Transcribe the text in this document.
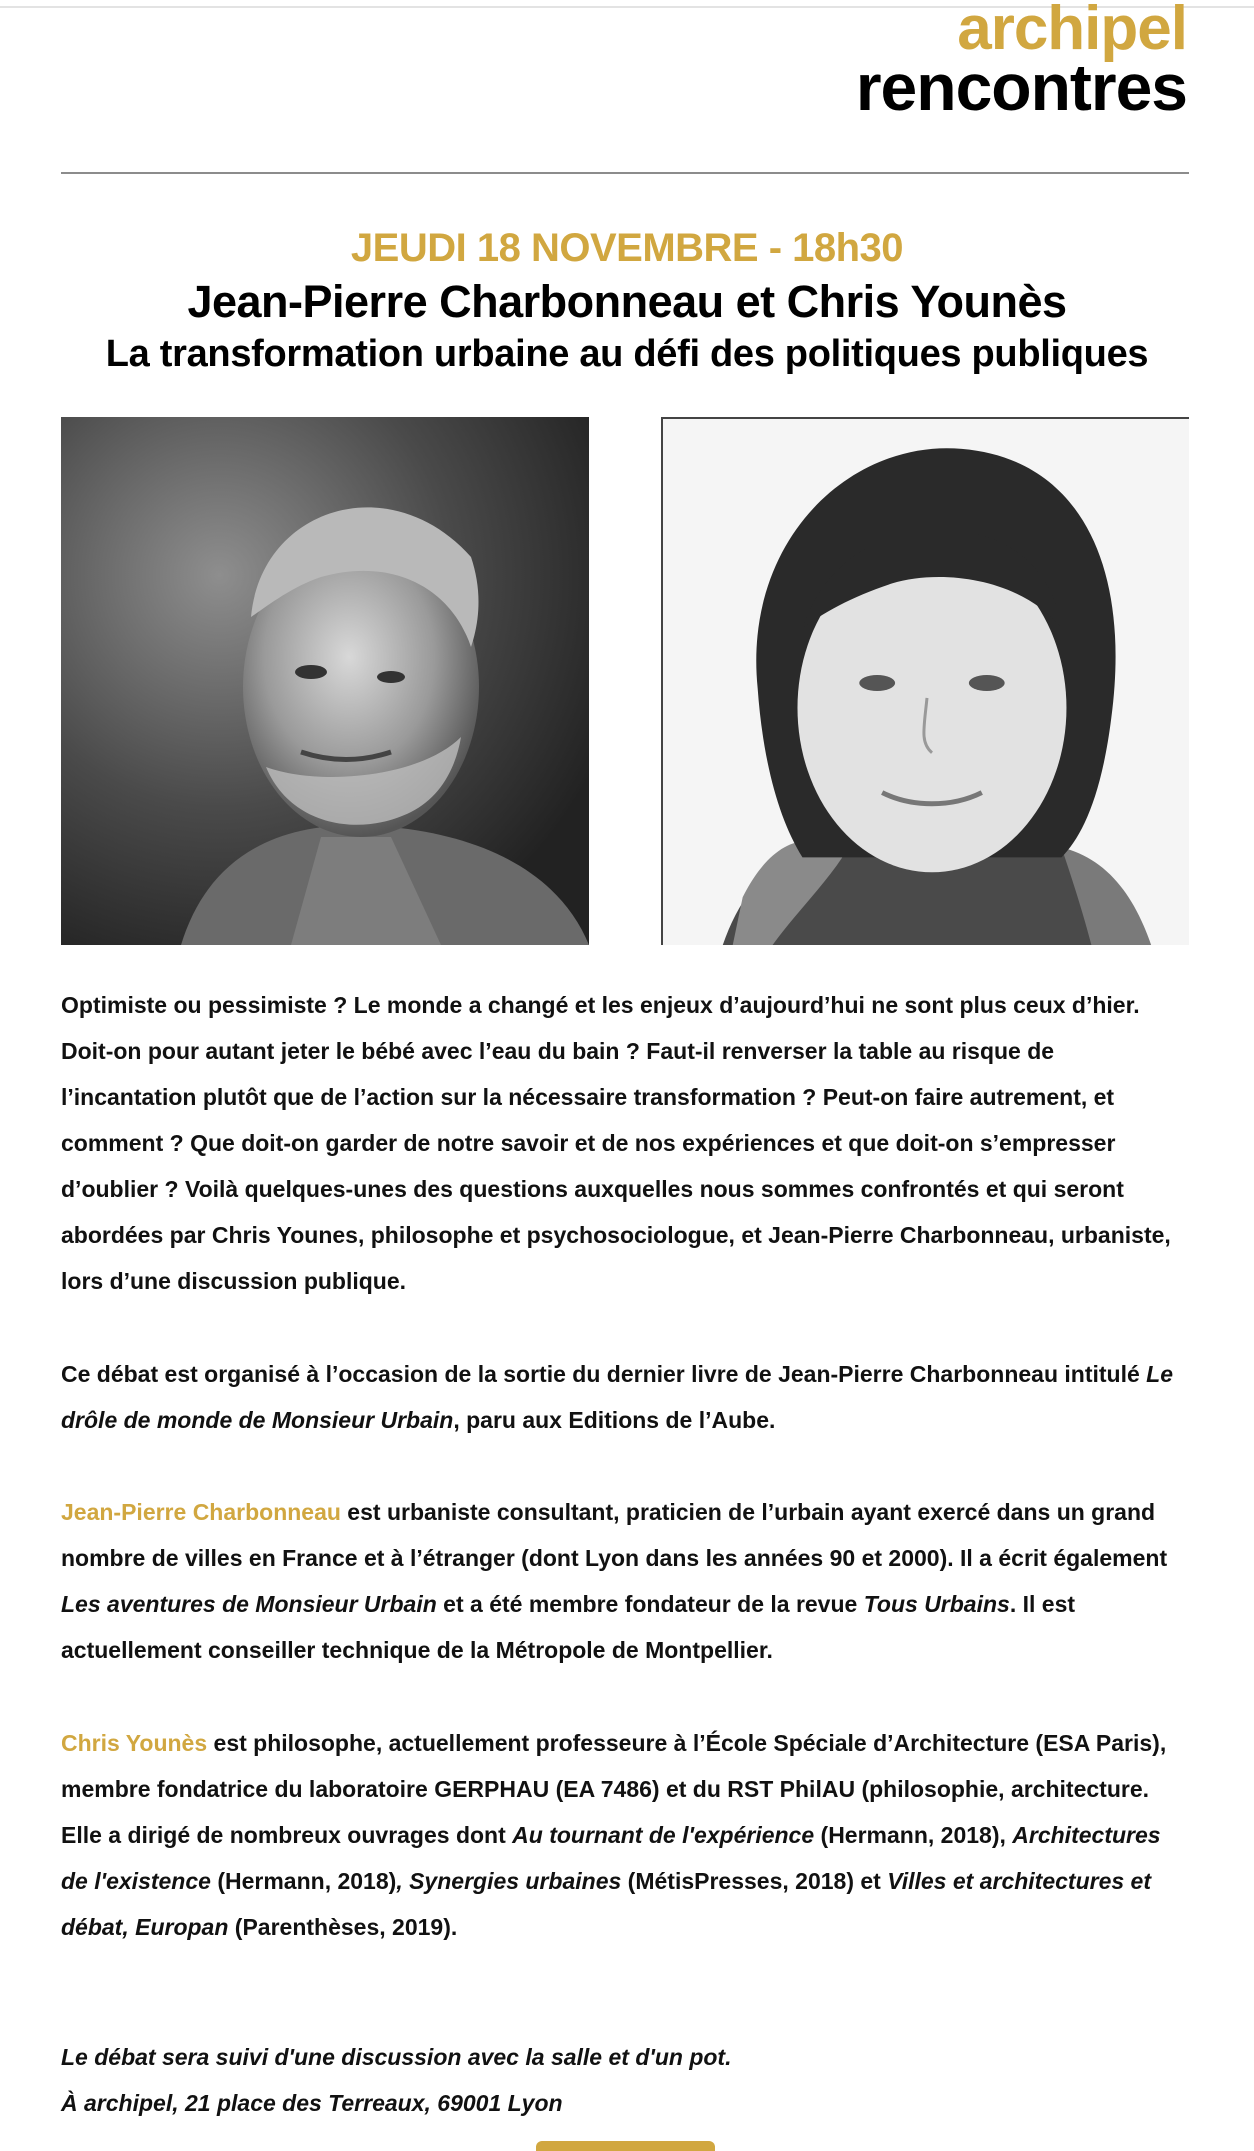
archipel
rencontres
JEUDI 18 NOVEMBRE - 18h30
Jean-Pierre Charbonneau et Chris Younès
La transformation urbaine au défi des politiques publiques

Optimiste ou pessimiste ? Le monde a changé et les enjeux d’aujourd’hui ne sont plus ceux d’hier. Doit-on pour autant jeter le bébé avec l’eau du bain ? Faut-il renverser la table au risque de l’incantation plutôt que de l’action sur la nécessaire transformation ? Peut-on faire autrement, et comment ? Que doit-on garder de notre savoir et de nos expériences et que doit-on s’empresser d’oublier ? Voilà quelques-unes des questions auxquelles nous sommes confrontés et qui seront abordées par Chris Younes, philosophe et psychosociologue, et Jean-Pierre Charbonneau, urbaniste, lors d’une discussion publique.

Ce débat est organisé à l’occasion de la sortie du dernier livre de Jean-Pierre Charbonneau intitulé Le drôle de monde de Monsieur Urbain, paru aux Editions de l’Aube.

Jean-Pierre Charbonneau est urbaniste consultant, praticien de l’urbain ayant exercé dans un grand nombre de villes en France et à l’étranger (dont Lyon dans les années 90 et 2000). Il a écrit également Les aventures de Monsieur Urbain et a été membre fondateur de la revue Tous Urbains. Il est actuellement conseiller technique de la Métropole de Montpellier.

Chris Younès est philosophe, actuellement professeure à l’École Spéciale d’Architecture (ESA Paris), membre fondatrice du laboratoire GERPHAU (EA 7486) et du RST PhilAU (philosophie, architecture. Elle a dirigé de nombreux ouvrages dont Au tournant de l'expérience (Hermann, 2018), Architectures de l'existence (Hermann, 2018), Synergies urbaines (MétisPresses, 2018) et Villes et architectures et débat, Europan (Parenthèses, 2019).

Le débat sera suivi d'une discussion avec la salle et d'un pot.
À archipel, 21 place des Terreaux, 69001 Lyon
